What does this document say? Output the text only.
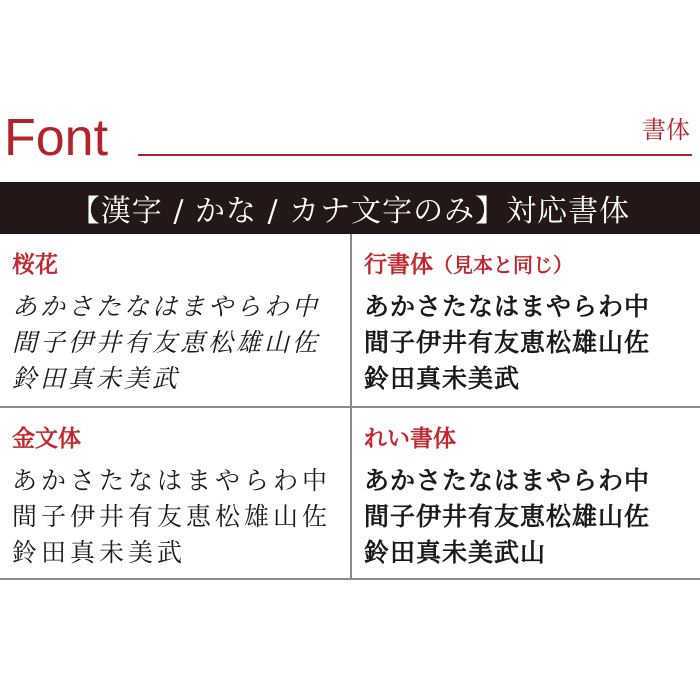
Font	書体
【漢字 / かな / カナ文字のみ】対応書体
桜花
あかさたなはまやらわ中
間子伊井有友恵松雄山佐
鈴田真未美武
行書体（見本と同じ）
あかさたなはまやらわ中
間子伊井有友恵松雄山佐
鈴田真未美武
金文体
あかさたなはまやらわ中
間子伊井有友恵松雄山佐
鈴田真未美武
れい書体
あかさたなはまやらわ中
間子伊井有友恵松雄山佐
鈴田真未美武山
